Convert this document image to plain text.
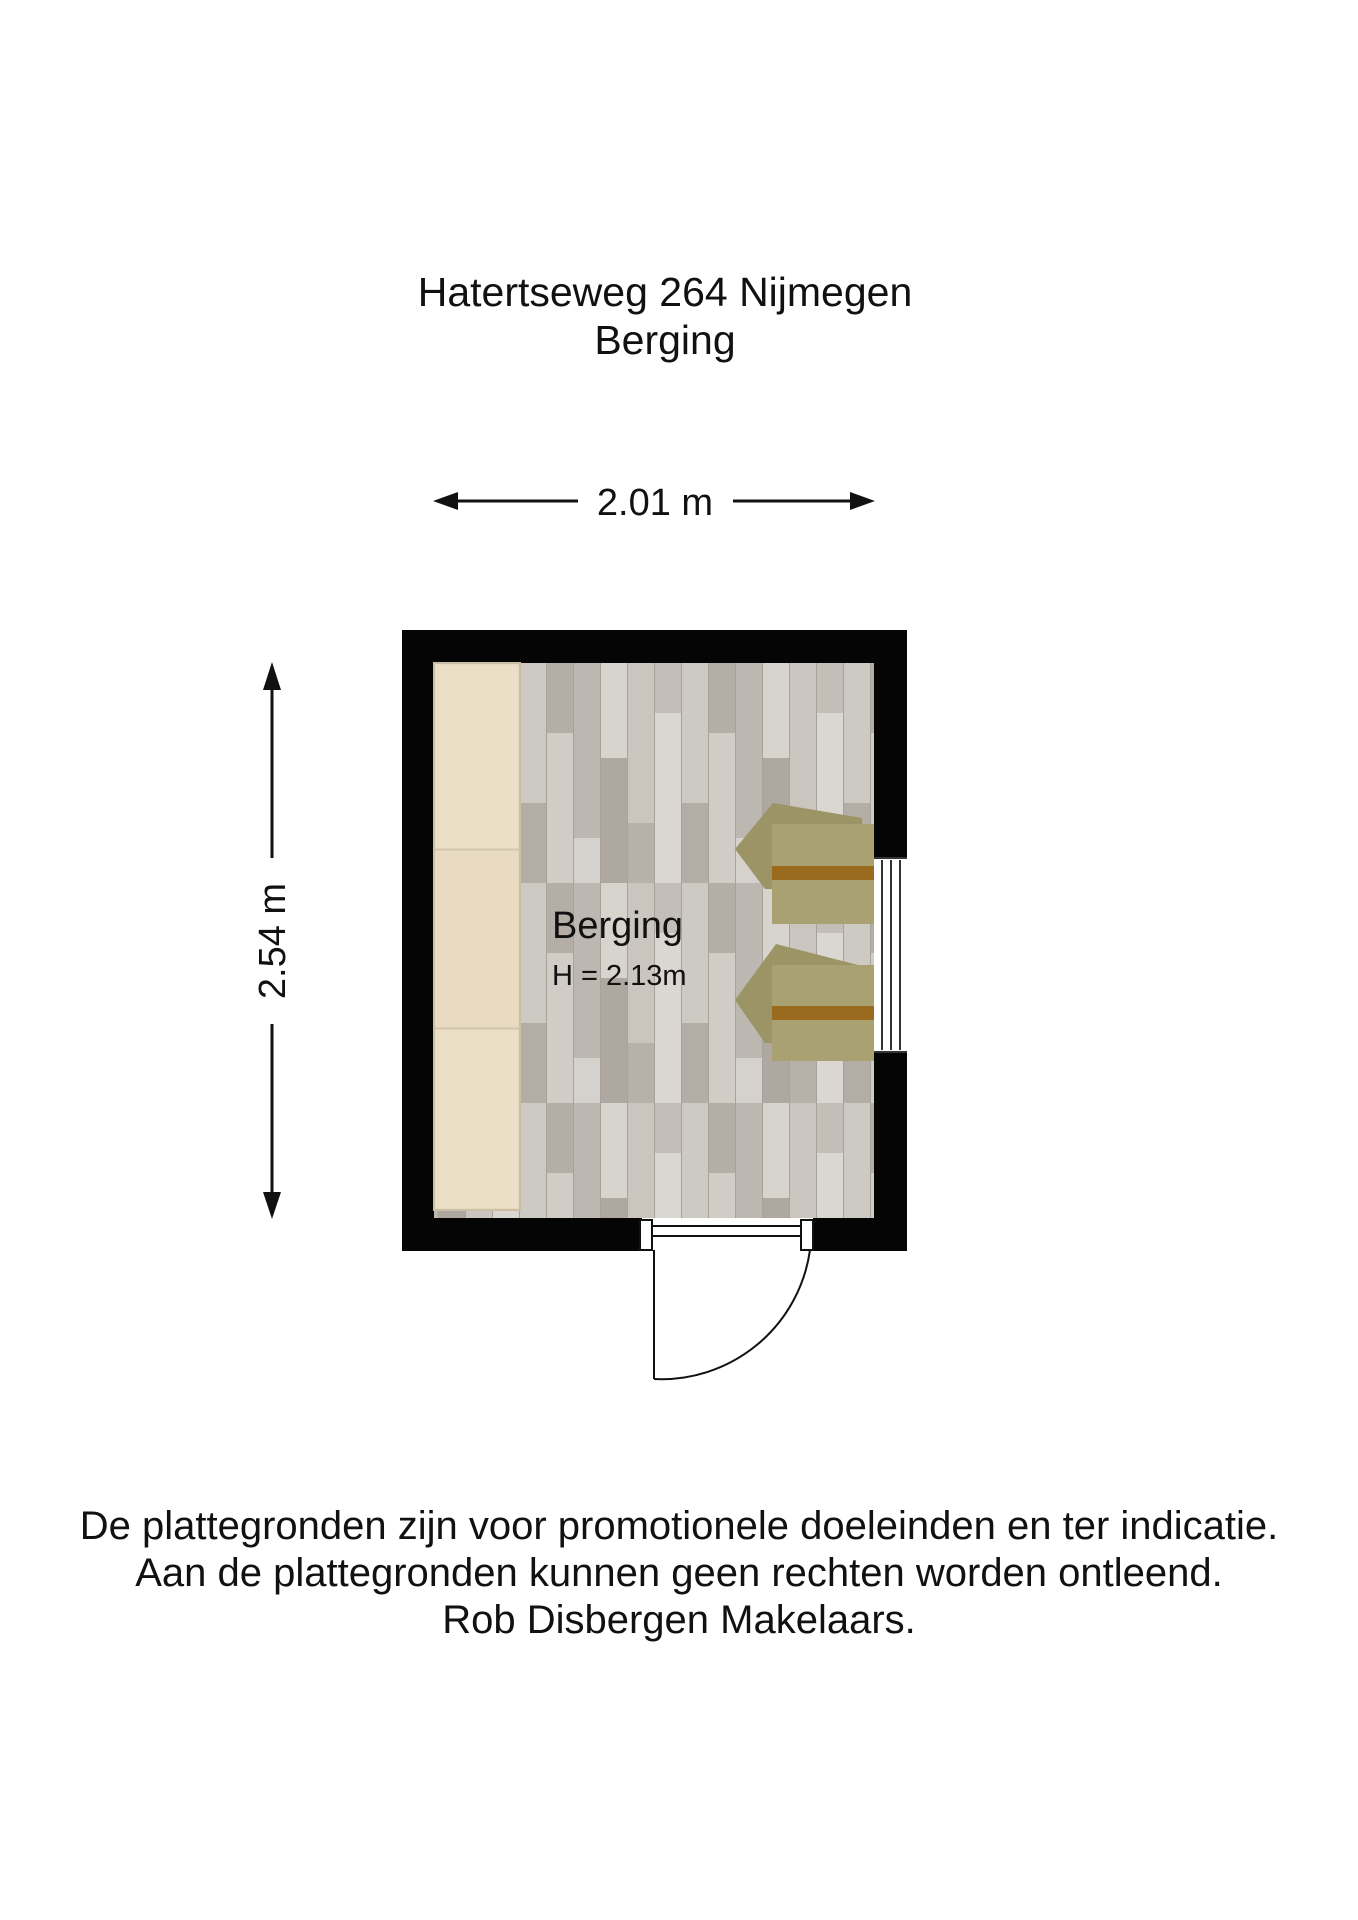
Hatertseweg 264 Nijmegen
Berging
2.01 m
2.54 m	Berging
H = 2.13m
De plattegronden zijn voor promotionele doeleinden en ter indicatie.
Aan de plattegronden kunnen geen rechten worden ontleend.
Rob Disbergen Makelaars.
